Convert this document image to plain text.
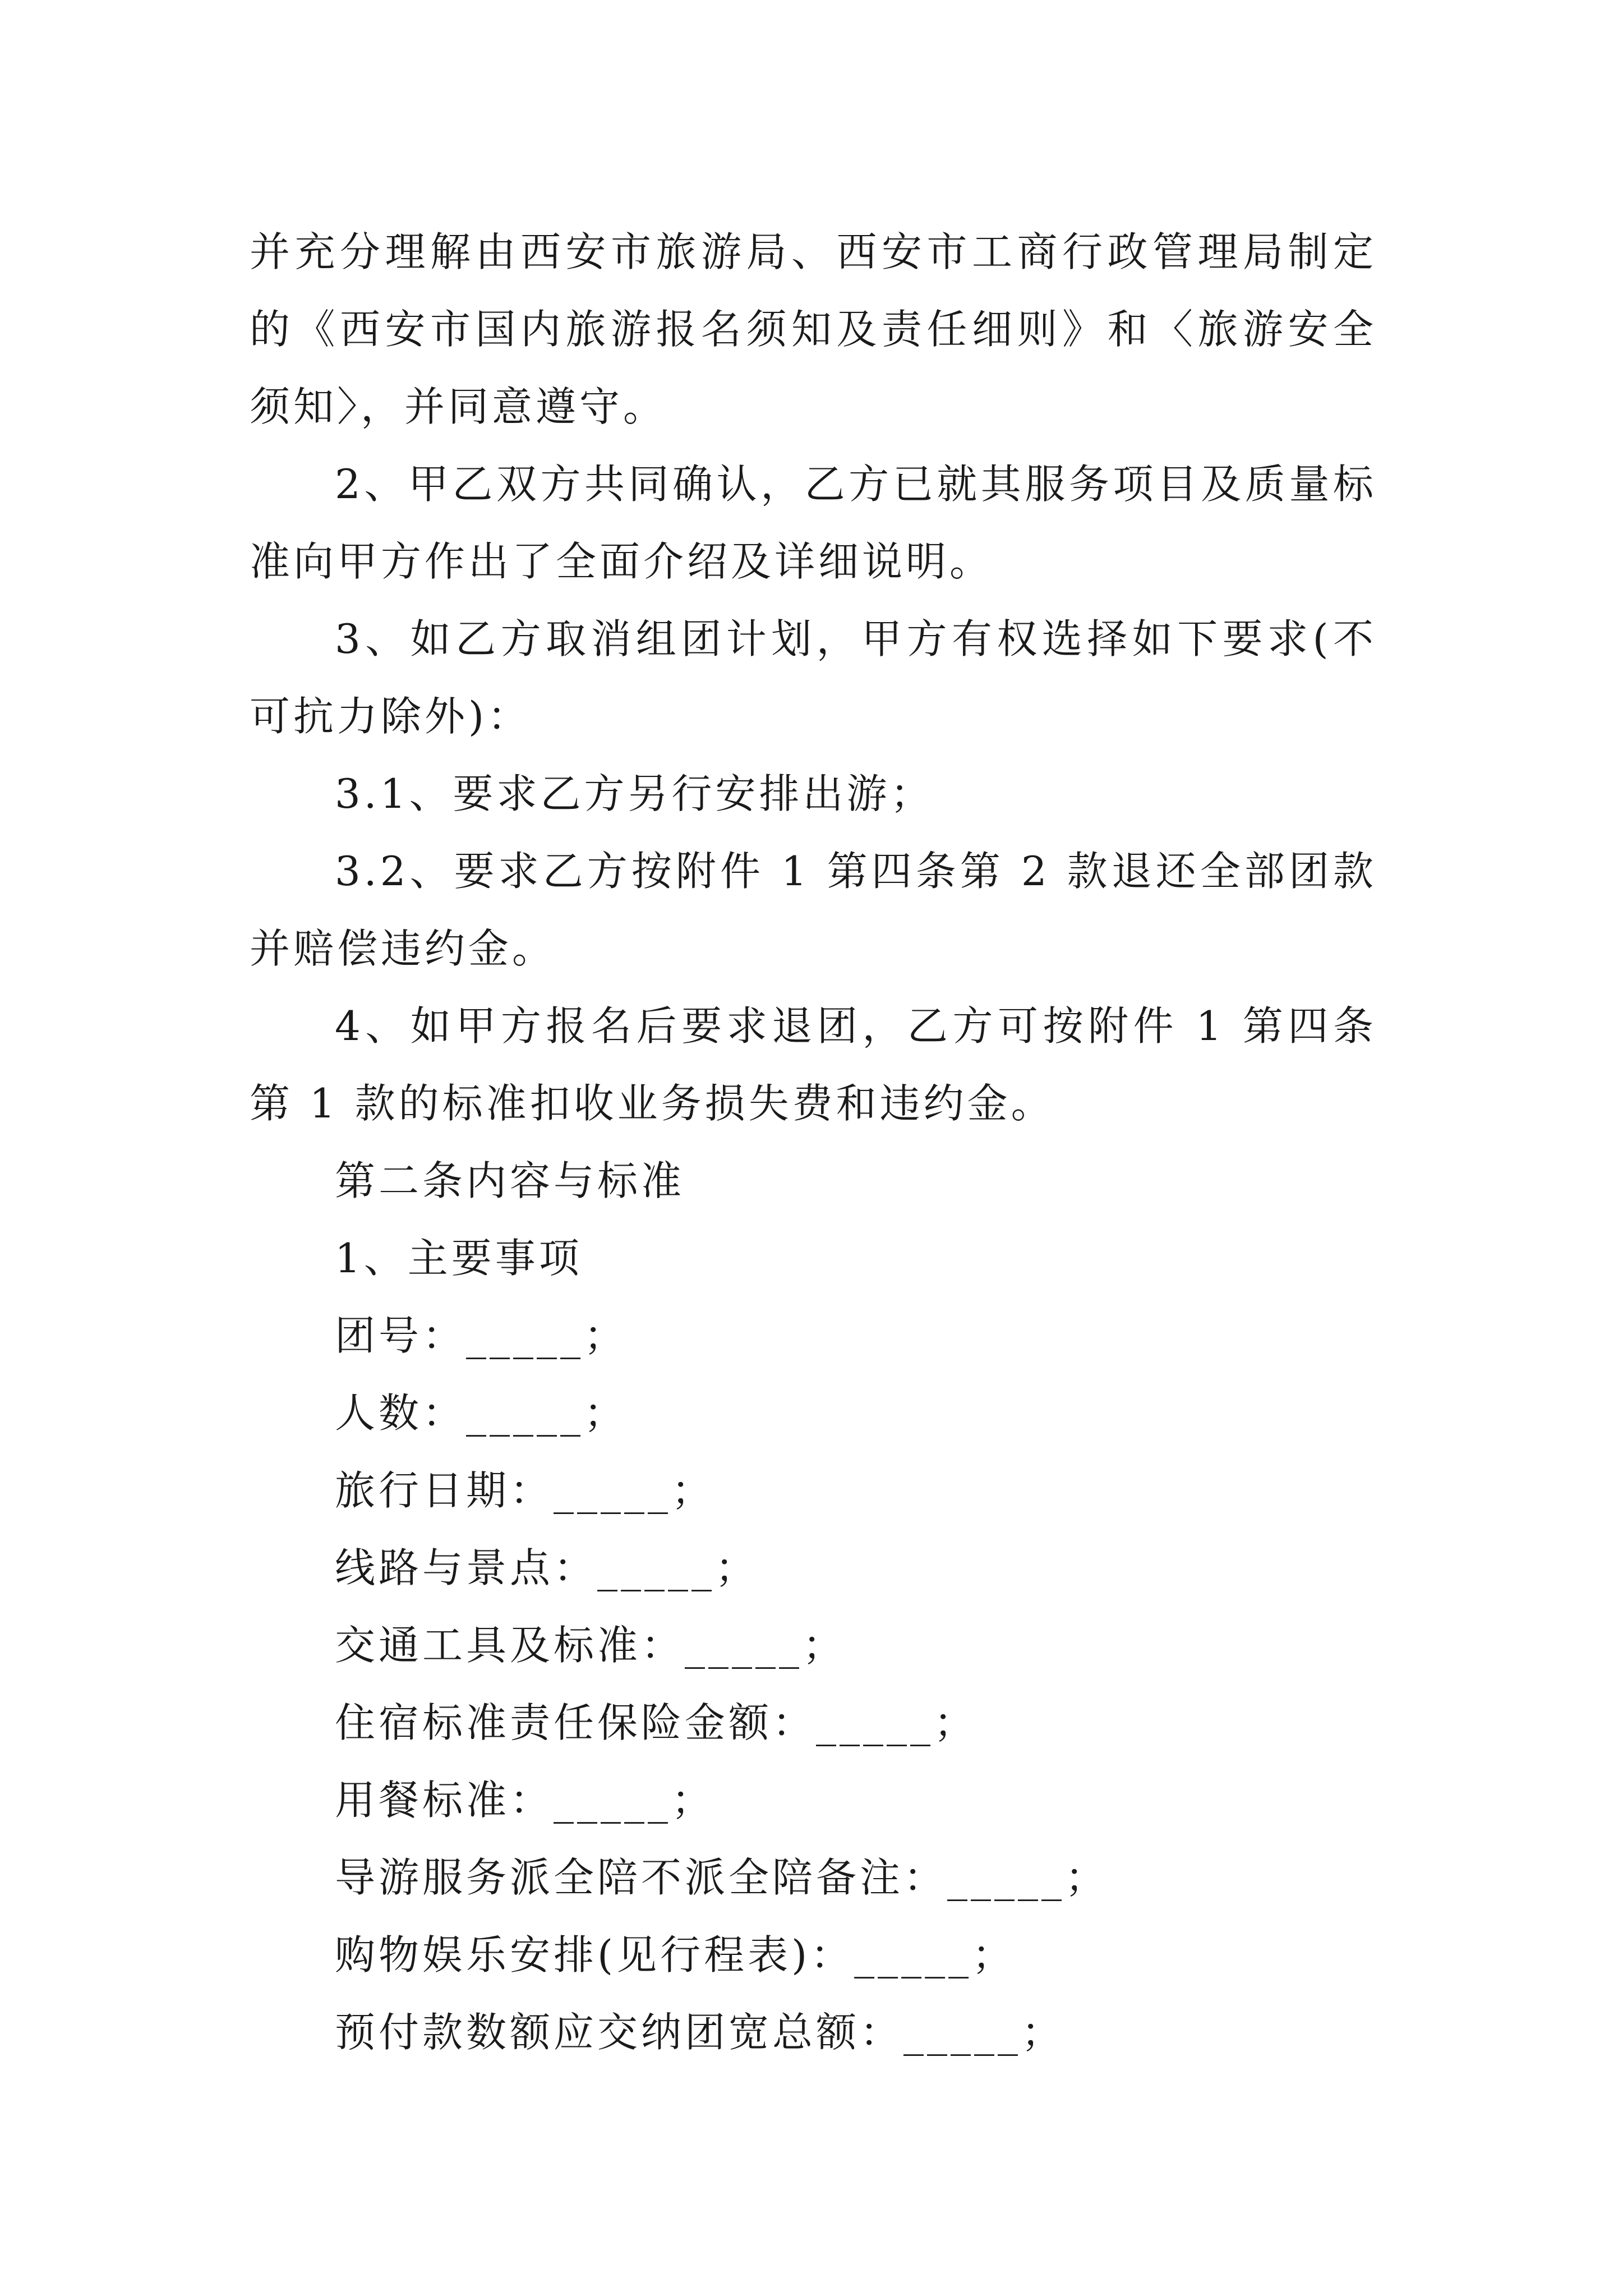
并充分理解由西安市旅游局、西安市工商行政管理局制定的《西安市国内旅游报名须知及责任细则》和〈旅游安全须知〉，并同意遵守。

2、甲乙双方共同确认，乙方已就其服务项目及质量标准向甲方作出了全面介绍及详细说明。

3、如乙方取消组团计划，甲方有权选择如下要求(不可抗力除外)：

3.1、要求乙方另行安排出游；

3.2、要求乙方按附件 1 第四条第 2 款退还全部团款并赔偿违约金。

4、如甲方报名后要求退团，乙方可按附件 1 第四条第 1 款的标准扣收业务损失费和违约金。

第二条内容与标准

1、主要事项

团号：_____；

人数：_____；

旅行日期：_____；

线路与景点：_____；

交通工具及标准：_____；

住宿标准责任保险金额：_____；

用餐标准：_____；

导游服务派全陪不派全陪备注：_____；

购物娱乐安排(见行程表)：_____；

预付款数额应交纳团宽总额：_____；
